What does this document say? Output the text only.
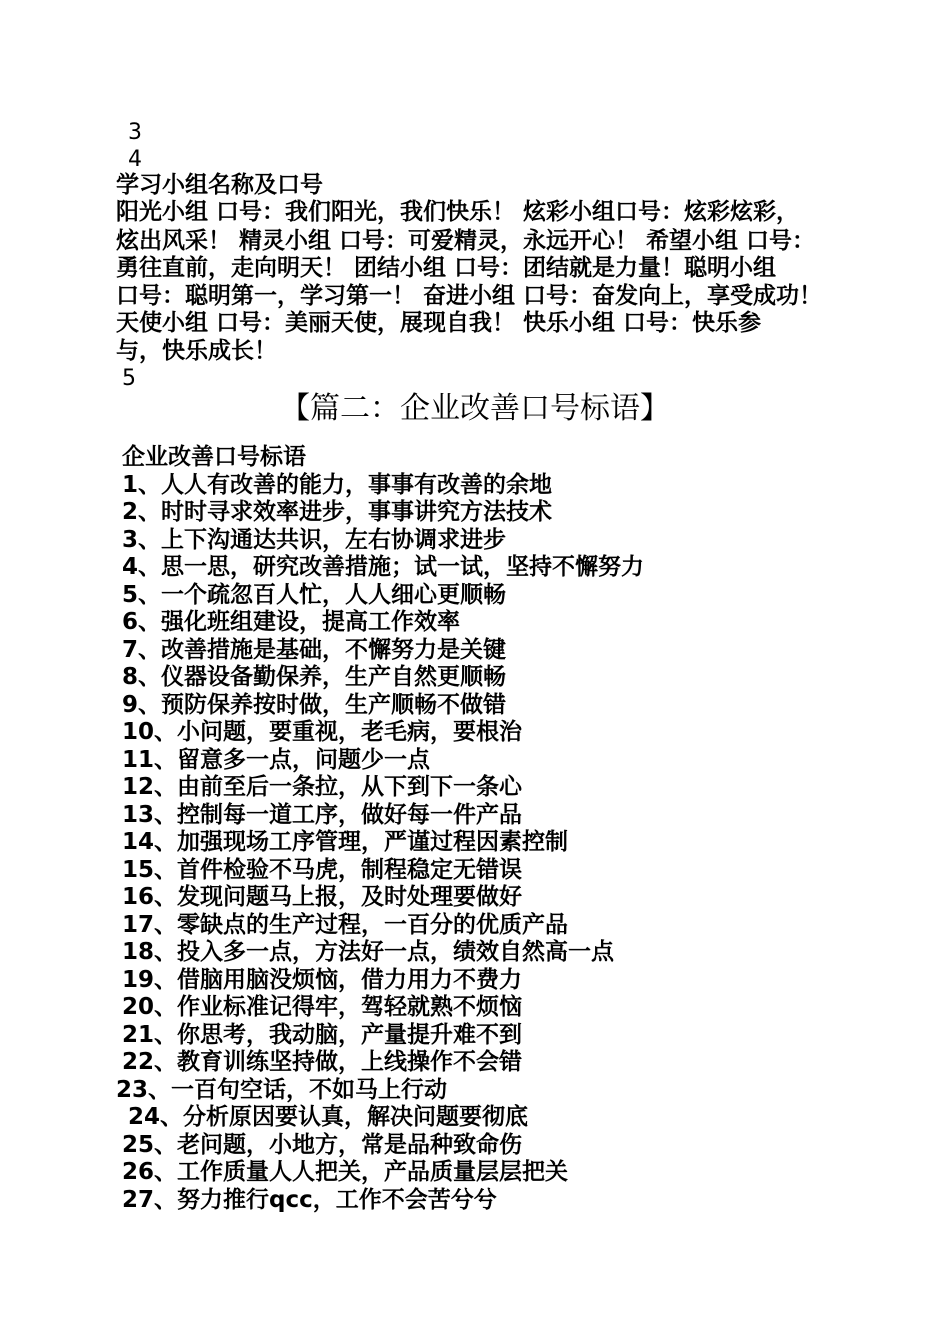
3
4
学习小组名称及口号
阳光小组 口号：我们阳光，我们快乐！ 炫彩小组口号：炫彩炫彩，
炫出风采！ 精灵小组 口号：可爱精灵，永远开心！ 希望小组 口号：
勇往直前，走向明天！ 团结小组 口号：团结就是力量！聪明小组
口号：聪明第一，学习第一！ 奋进小组 口号：奋发向上，享受成功！
天使小组 口号：美丽天使，展现自我！ 快乐小组 口号：快乐参
与，快乐成长！
5
【篇二：企业改善口号标语】
企业改善口号标语
1、人人有改善的能力，事事有改善的余地
2、时时寻求效率进步，事事讲究方法技术
3、上下沟通达共识，左右协调求进步
4、思一思，研究改善措施；试一试，坚持不懈努力
5、一个疏忽百人忙，人人细心更顺畅
6、强化班组建设，提高工作效率
7、改善措施是基础，不懈努力是关键
8、仪器设备勤保养，生产自然更顺畅
9、预防保养按时做，生产顺畅不做错
10、小问题，要重视，老毛病，要根治
11、留意多一点，问题少一点
12、由前至后一条拉，从下到下一条心
13、控制每一道工序，做好每一件产品
14、加强现场工序管理，严谨过程因素控制
15、首件检验不马虎，制程稳定无错误
16、发现问题马上报，及时处理要做好
17、零缺点的生产过程，一百分的优质产品
18、投入多一点，方法好一点，绩效自然高一点
19、借脑用脑没烦恼，借力用力不费力
20、作业标准记得牢，驾轻就熟不烦恼
21、你思考，我动脑，产量提升难不到
22、教育训练坚持做，上线操作不会错
23、一百句空话，不如马上行动
24、分析原因要认真，解决问题要彻底
25、老问题，小地方，常是品种致命伤
26、工作质量人人把关，产品质量层层把关
27、努力推行qcc，工作不会苦兮兮
